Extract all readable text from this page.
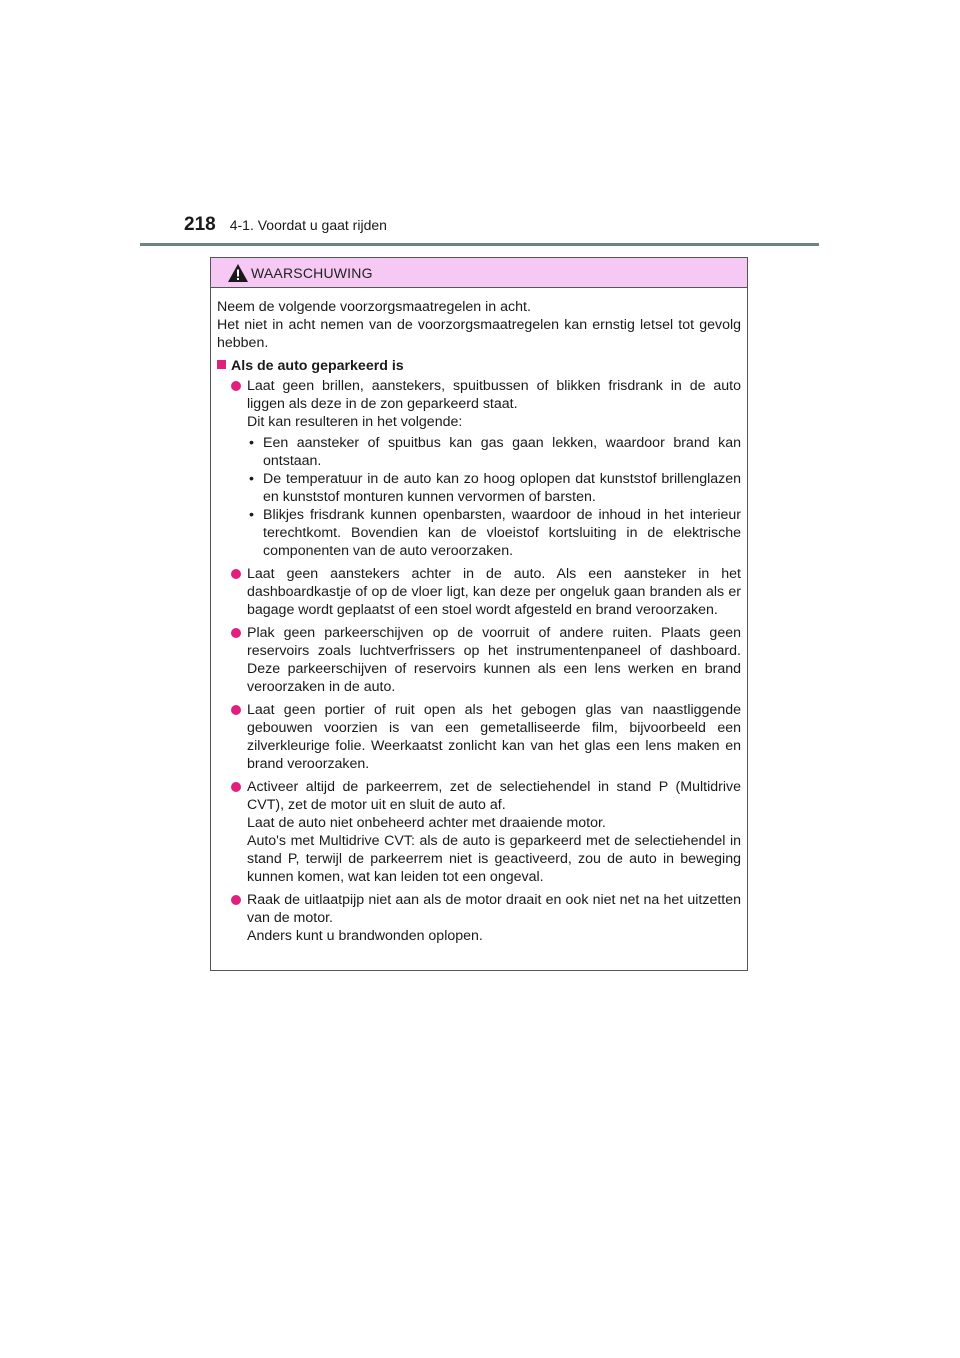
218 4-1. Voordat u gaat rijden
WAARSCHUWING

Neem de volgende voorzorgsmaatregelen in acht.

Het niet in acht nemen van de voorzorgsmaatregelen kan ernstig letsel tot gevolg hebben.

Als de auto geparkeerd is

Laat geen brillen, aanstekers, spuitbussen of blikken frisdrank in de auto liggen als deze in de zon geparkeerd staat.

Dit kan resulteren in het volgende:

• Een aansteker of spuitbus kan gas gaan lekken, waardoor brand kan ontstaan.
• De temperatuur in de auto kan zo hoog oplopen dat kunststof brillenglazen en kunststof monturen kunnen vervormen of barsten.
• Blikjes frisdrank kunnen openbarsten, waardoor de inhoud in het interieur terechtkomt. Bovendien kan de vloeistof kortsluiting in de elektrische componenten van de auto veroorzaken.

Laat geen aanstekers achter in de auto. Als een aansteker in het dashboardkastje of op de vloer ligt, kan deze per ongeluk gaan branden als er bagage wordt geplaatst of een stoel wordt afgesteld en brand veroorzaken.

Plak geen parkeerschijven op de voorruit of andere ruiten. Plaats geen reservoirs zoals luchtverfrissers op het instrumentenpaneel of dashboard. Deze parkeerschijven of reservoirs kunnen als een lens werken en brand veroorzaken in de auto.

Laat geen portier of ruit open als het gebogen glas van naastliggende gebouwen voorzien is van een gemetalliseerde film, bijvoorbeeld een zilverkleurige folie. Weerkaatst zonlicht kan van het glas een lens maken en brand veroorzaken.

Activeer altijd de parkeerrem, zet de selectiehendel in stand P (Multidrive CVT), zet de motor uit en sluit de auto af.

Laat de auto niet onbeheerd achter met draaiende motor.

Auto's met Multidrive CVT: als de auto is geparkeerd met de selectiehendel in stand P, terwijl de parkeerrem niet is geactiveerd, zou de auto in beweging kunnen komen, wat kan leiden tot een ongeval.

Raak de uitlaatpijp niet aan als de motor draait en ook niet net na het uitzetten van de motor.

Anders kunt u brandwonden oplopen.
